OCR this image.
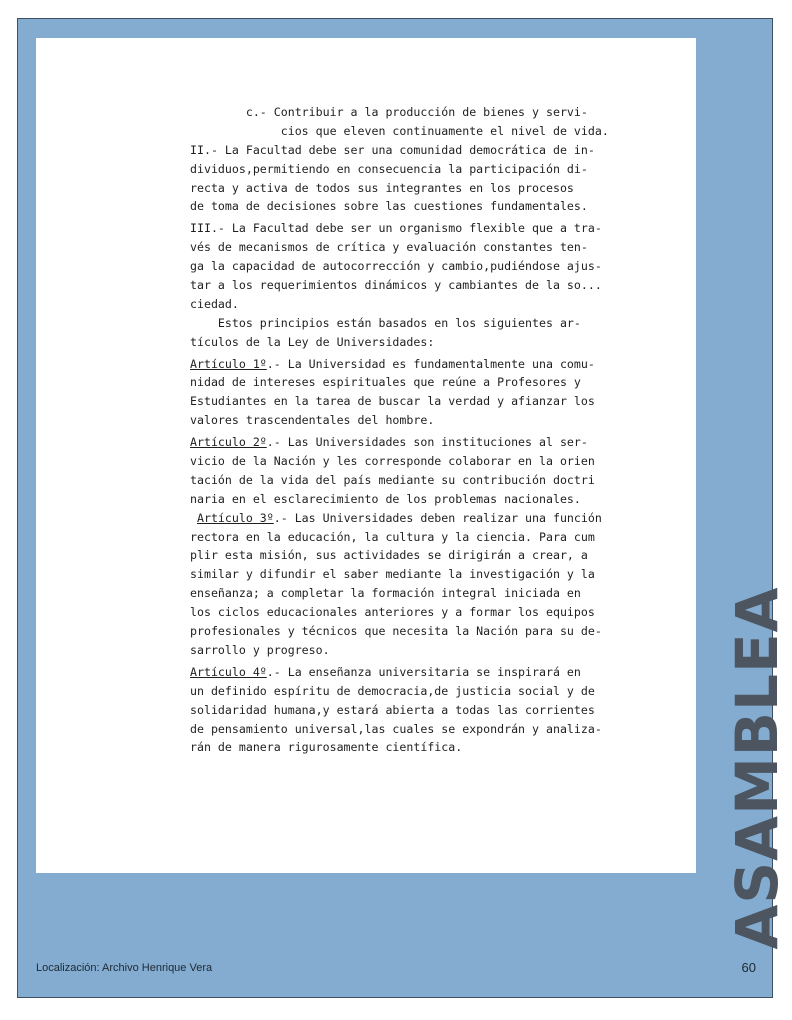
c.- Contribuir a la producción de bienes y servi-
cios que eleven continuamente el nivel de vida.
II.- La Facultad debe ser una comunidad democrática de in-
dividuos,permitiendo en consecuencia la participación di-
recta y activa de todos sus integrantes en los procesos
de toma de decisiones sobre las cuestiones fundamentales.
III.- La Facultad debe ser un organismo flexible que a tra-
vés de mecanismos de crítica y evaluación constantes ten-
ga la capacidad de autocorrección y cambio,pudiéndose ajus-
tar a los requerimientos dinámicos y cambiantes de la so...
ciedad.
Estos principios están basados en los siguientes ar-
tículos de la Ley de Universidades:
Artículo 1º.- La Universidad es fundamentalmente una comu-
nidad de intereses espirituales que reúne a Profesores y
Estudiantes en la tarea de buscar la verdad y afianzar los
valores trascendentales del hombre.
Artículo 2º.- Las Universidades son instituciones al ser-
vicio de la Nación y les corresponde colaborar en la orien
tación de la vida del país mediante su contribución doctri
naria en el esclarecimiento de los problemas nacionales.
Artículo 3º.- Las Universidades deben realizar una función
rectora en la educación, la cultura y la ciencia. Para cum
plir esta misión, sus actividades se dirigirán a crear, a
similar y difundir el saber mediante la investigación y la
enseñanza; a completar la formación integral iniciada en
los ciclos educacionales anteriores y a formar los equipos
profesionales y técnicos que necesita la Nación para su de-
sarrollo y progreso.
Artículo 4º.- La enseñanza universitaria se inspirará en
un definido espíritu de democracia,de justicia social y de
solidaridad humana,y estará abierta a todas las corrientes
de pensamiento universal,las cuales se expondrán y analiza-
rán de manera rigurosamente científica.	ASAMBLEA
Localización: Archivo Henrique Vera	60
